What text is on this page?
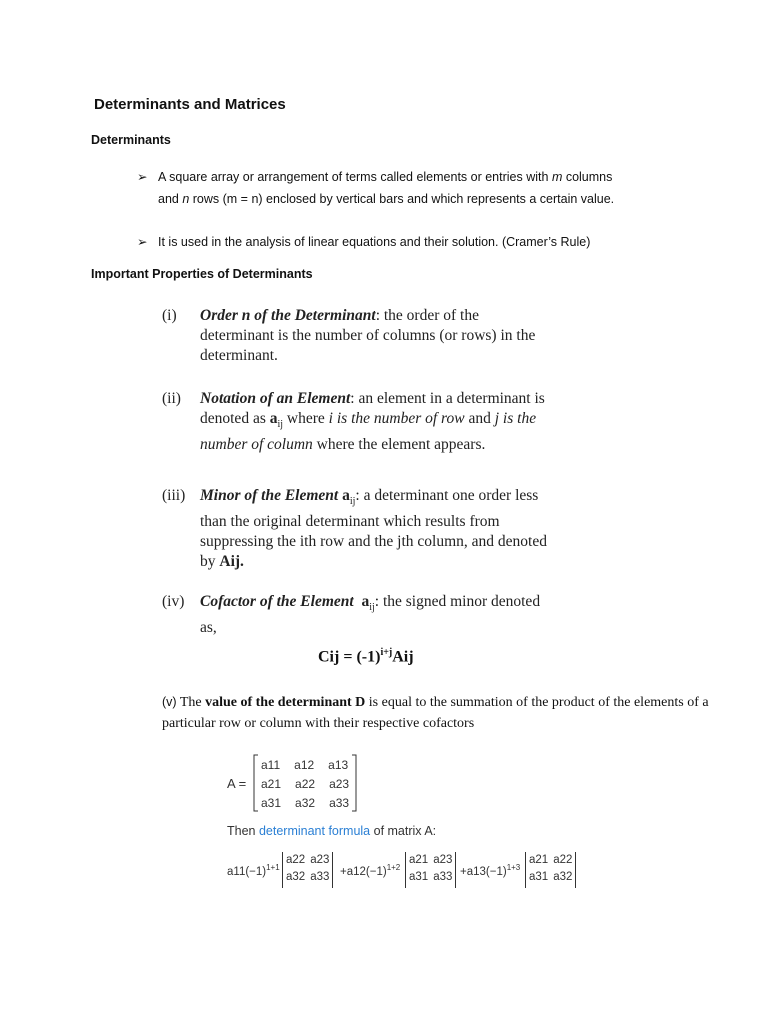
Determinants and Matrices
Determinants
➢ A square array or arrangement of terms called elements or entries with m columns
and n rows (m = n) enclosed by vertical bars and which represents a certain value.
➢ It is used in the analysis of linear equations and their solution. (Cramer’s Rule)
Important Properties of Determinants
(i) Order n of the Determinant: the order of the determinant is the number of columns (or rows) in the determinant.
(ii) Notation of an Element: an element in a determinant is denoted as $a_{ij}$ where i is the number of row and j is the number of column where the element appears.
(iii) Minor of the Element $a_{ij}$: a determinant one order less than the original determinant which results from suppressing the ith row and the jth column, and denoted by Aij.
(iv) Cofactor of the Element $a_{ij}$: the signed minor denoted as,
Cij = $(-1)^{i+j}Aij$
(v) The value of the determinant D is equal to the summation of the product of the elements of a particular row or column with their respective cofactors
A =
a11 a12 a13
a21 a22 a23
a31 a32 a33
Then determinant formula of matrix A:
$a11(-1)^{1+1}$
a22 a23
a32 $a33 +a12(-1)^{1+2}$
a21 a23
a31 $a33 +a13(-1)^{1+3}$
a21 a22
a31 a32
